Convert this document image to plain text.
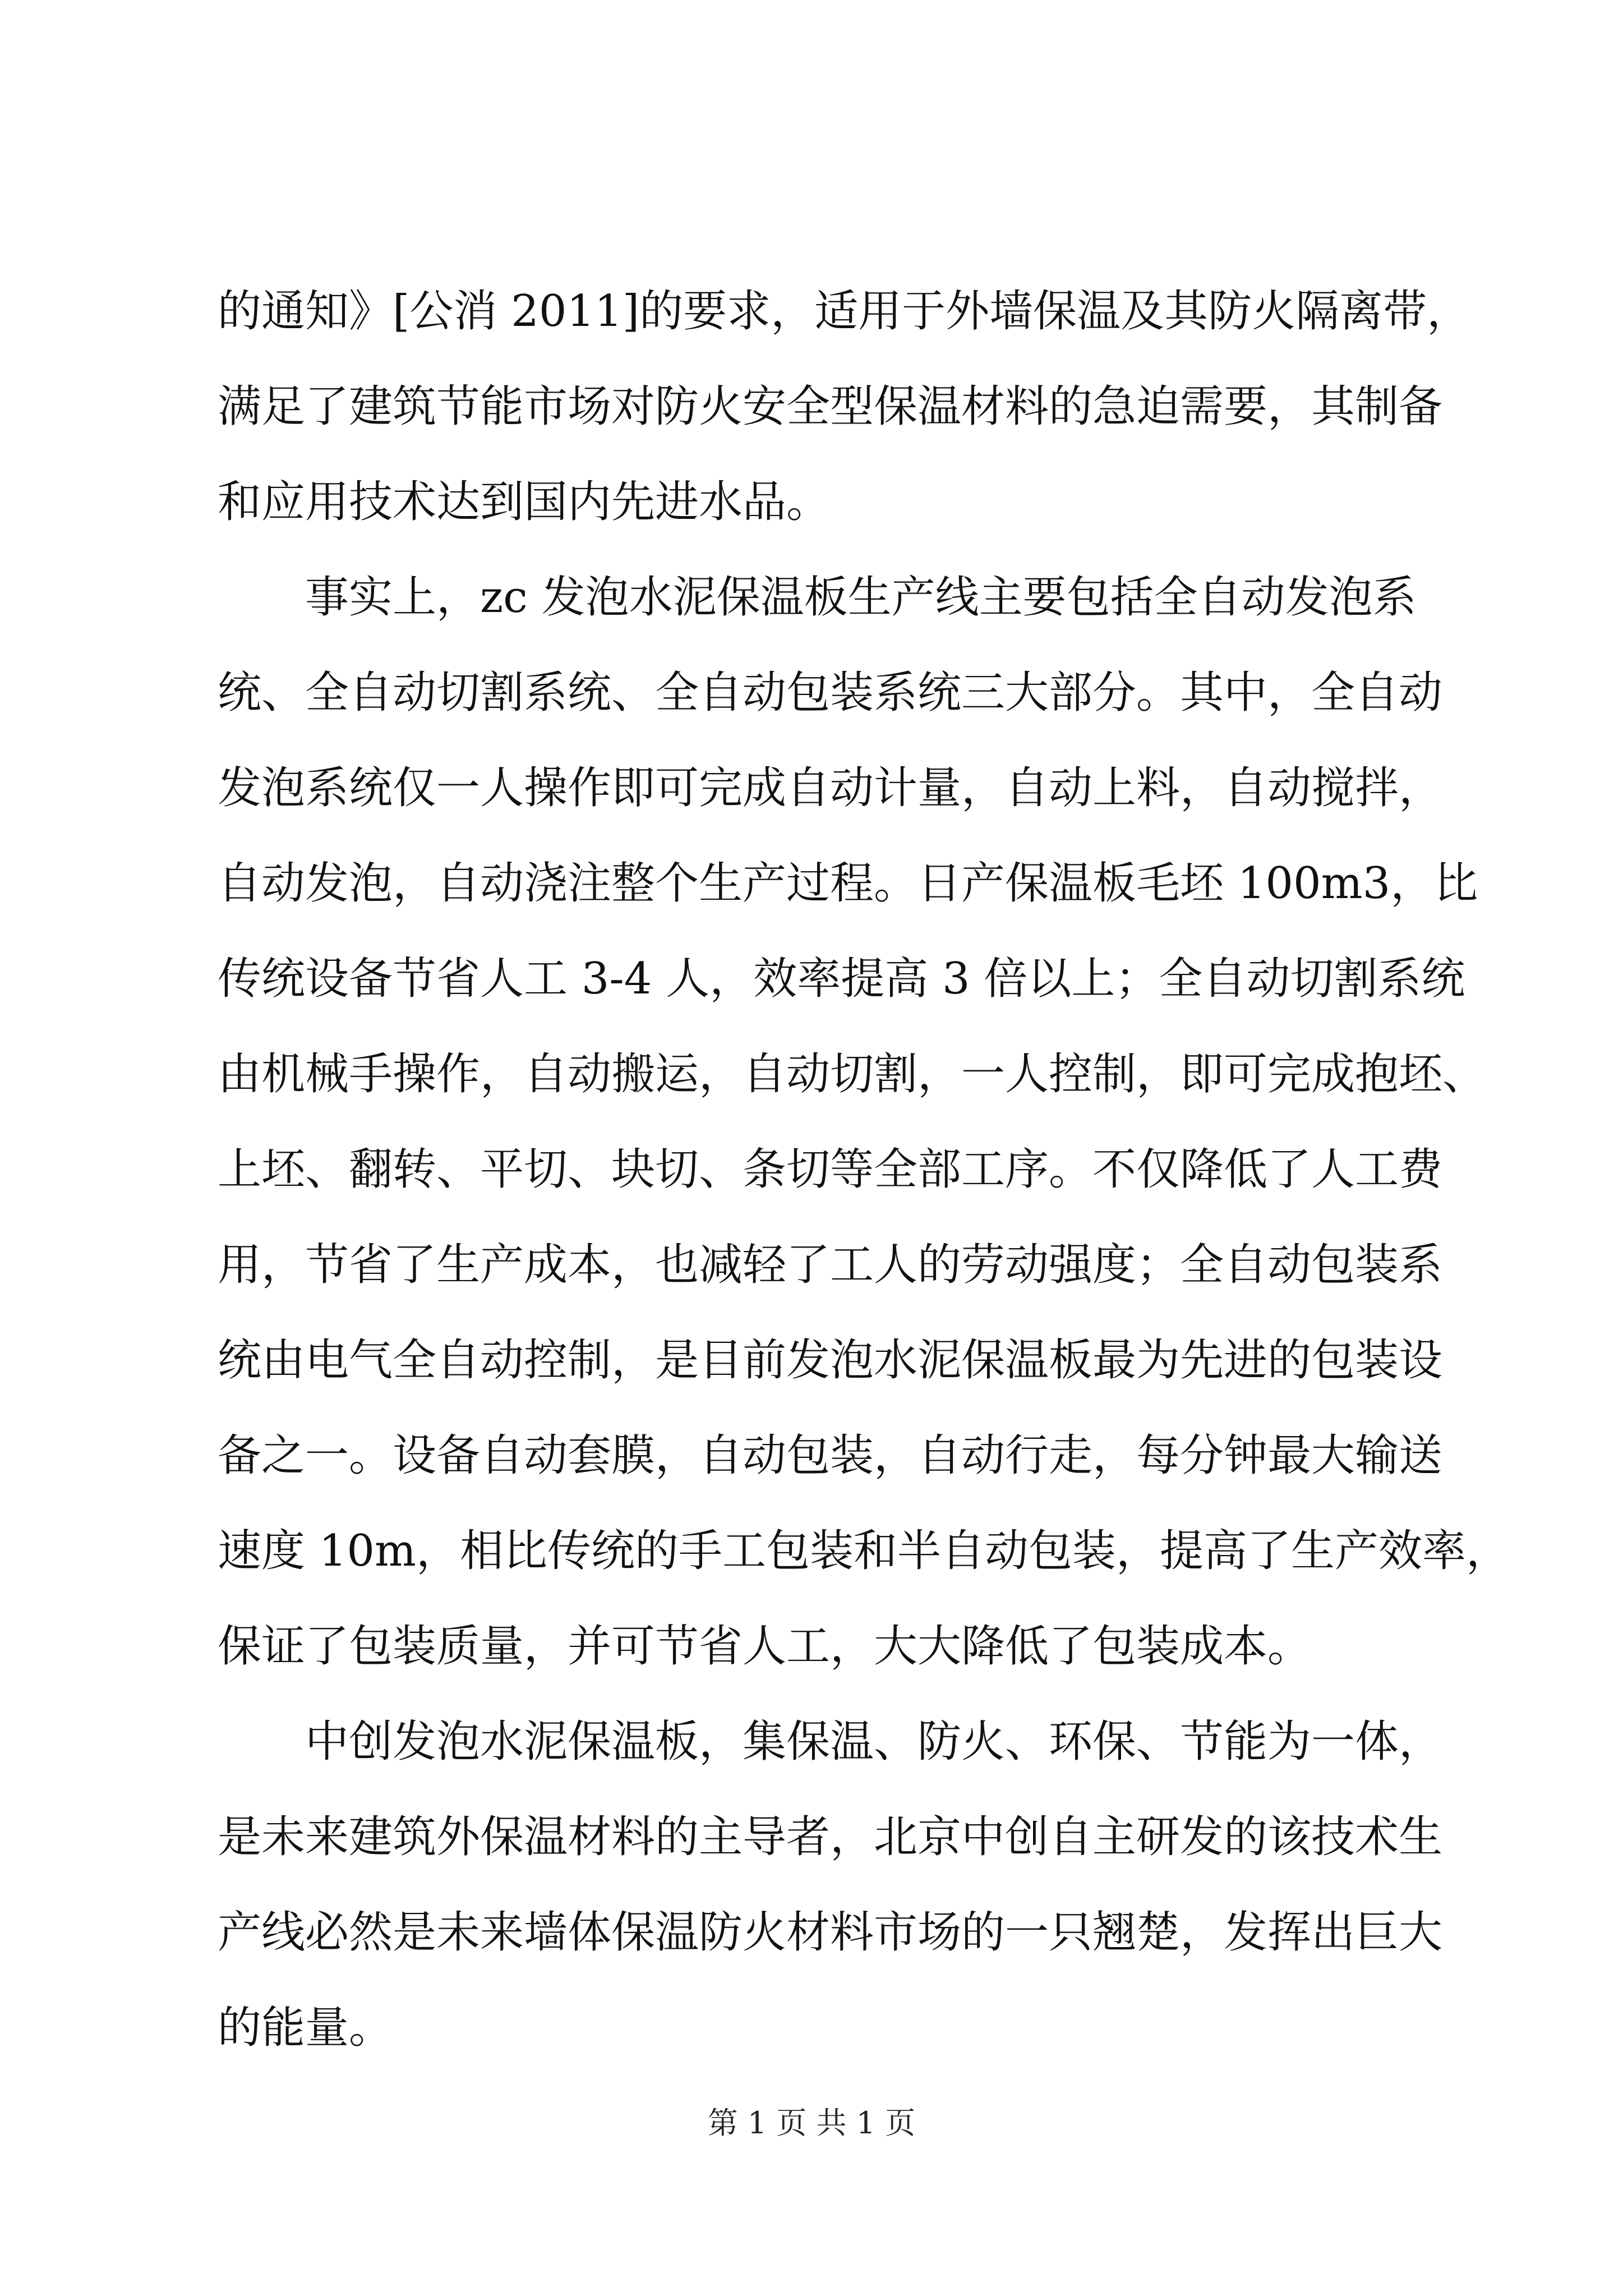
的通知》[公消 2011]的要求，适用于外墙保温及其防火隔离带，
满足了建筑节能市场对防火安全型保温材料的急迫需要，其制备
和应用技术达到国内先进水品。
事实上，zc 发泡水泥保温板生产线主要包括全自动发泡系
统、全自动切割系统、全自动包装系统三大部分。其中，全自动
发泡系统仅一人操作即可完成自动计量，自动上料，自动搅拌，
自动发泡，自动浇注整个生产过程。日产保温板毛坯 100m3，比
传统设备节省人工 3-4 人，效率提高 3 倍以上；全自动切割系统
由机械手操作，自动搬运，自动切割，一人控制，即可完成抱坯、
上坯、翻转、平切、块切、条切等全部工序。不仅降低了人工费
用，节省了生产成本，也减轻了工人的劳动强度；全自动包装系
统由电气全自动控制，是目前发泡水泥保温板最为先进的包装设
备之一。设备自动套膜，自动包装，自动行走，每分钟最大输送
速度 10m，相比传统的手工包装和半自动包装，提高了生产效率，
保证了包装质量，并可节省人工，大大降低了包装成本。
中创发泡水泥保温板，集保温、防火、环保、节能为一体，
是未来建筑外保温材料的主导者，北京中创自主研发的该技术生
产线必然是未来墙体保温防火材料市场的一只翘楚，发挥出巨大
的能量。
第 1 页 共 1 页
